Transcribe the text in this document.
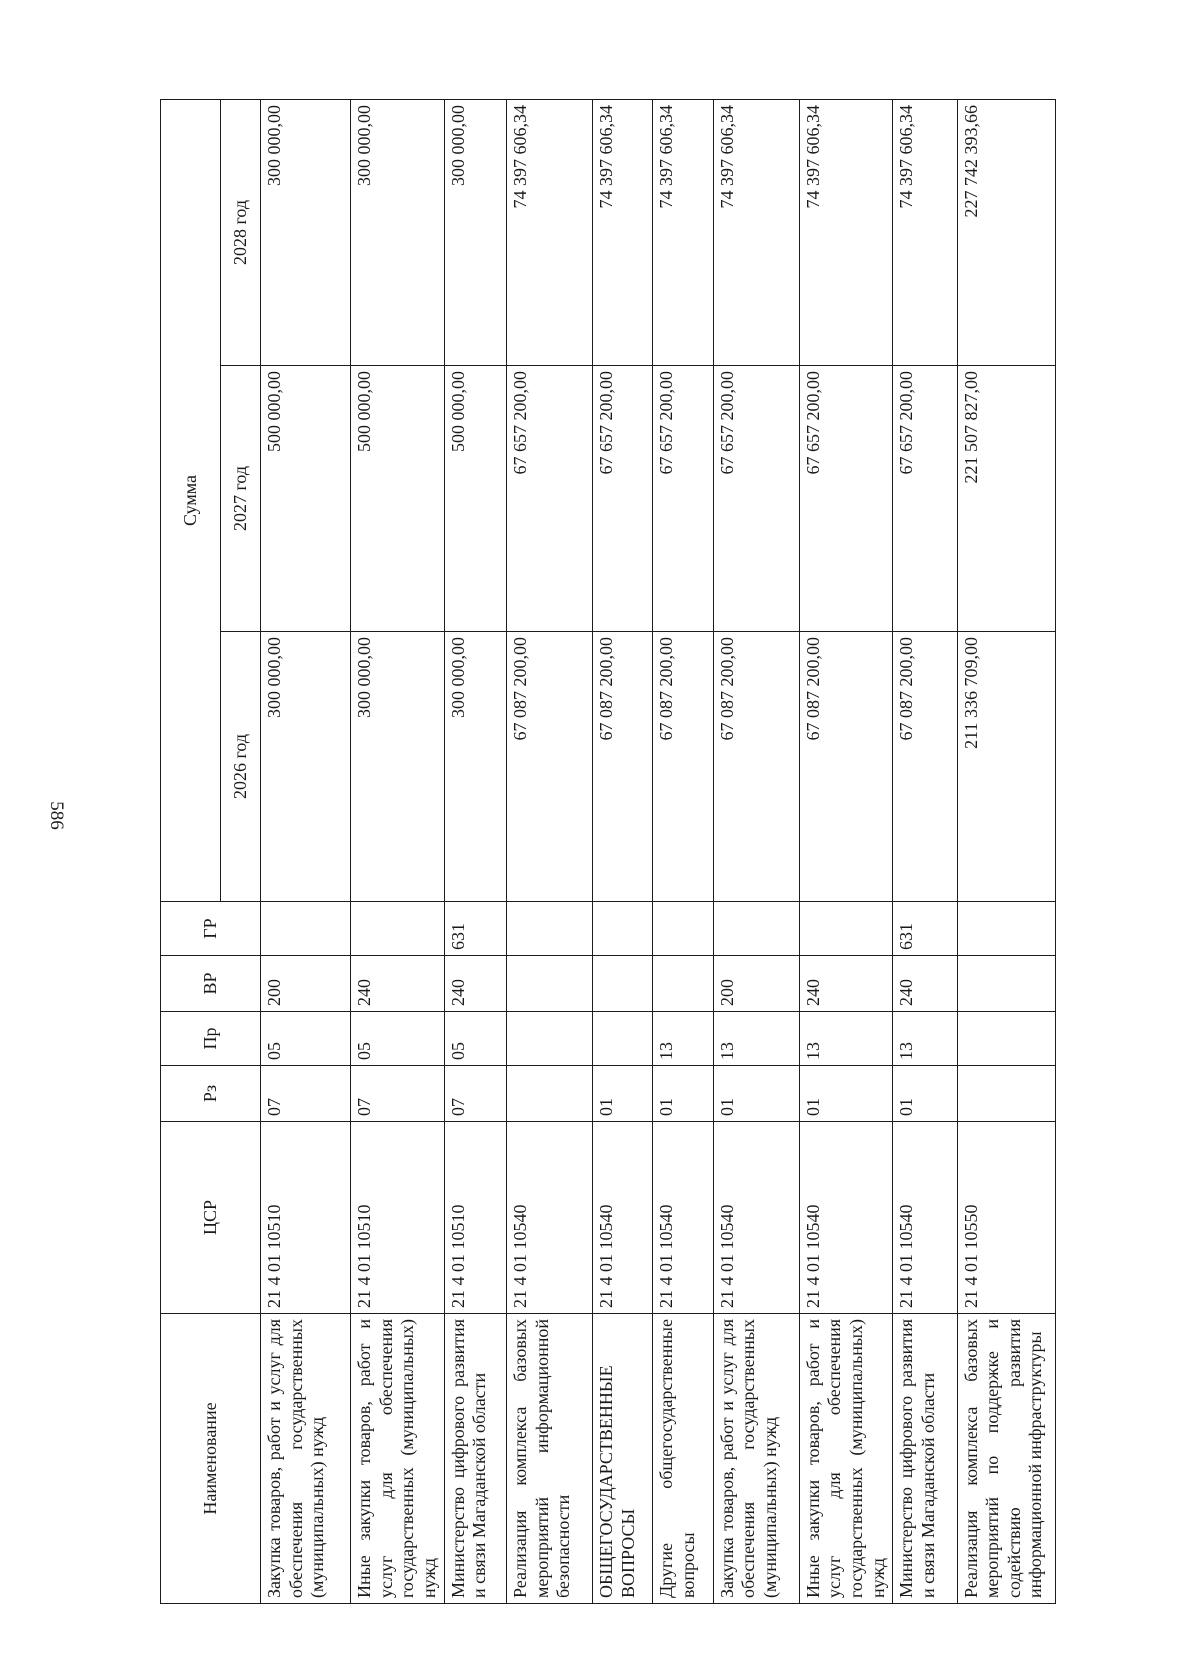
586
Наименование	ЦСР	Рз	Пр	ВР	ГР	Сумма		
						2026 год	2027 год	2028 год
Закупка товаров, работ и услуг для обеспечения государственных (муниципальных) нужд	21 4 01 10510	07	05	200		300 000,00	500 000,00	300 000,00
Иные закупки товаров, работ и услуг для обеспечения государственных (муниципальных) нужд	21 4 01 10510	07	05	240		300 000,00	500 000,00	300 000,00
Министерство цифрового развития и связи Магаданской области	21 4 01 10510	07	05	240	631	300 000,00	500 000,00	300 000,00
Реализация комплекса базовых мероприятий информационной безопасности	21 4 01 10540					67 087 200,00	67 657 200,00	74 397 606,34
ОБЩЕГОСУДАРСТВЕННЫЕ ВОПРОСЫ	21 4 01 10540	01				67 087 200,00	67 657 200,00	74 397 606,34
Другие общегосударственные вопросы	21 4 01 10540	01	13			67 087 200,00	67 657 200,00	74 397 606,34
Закупка товаров, работ и услуг для обеспечения государственных (муниципальных) нужд	21 4 01 10540	01	13	200		67 087 200,00	67 657 200,00	74 397 606,34
Иные закупки товаров, работ и услуг для обеспечения государственных (муниципальных) нужд	21 4 01 10540	01	13	240		67 087 200,00	67 657 200,00	74 397 606,34
Министерство цифрового развития и связи Магаданской области	21 4 01 10540	01	13	240	631	67 087 200,00	67 657 200,00	74 397 606,34
Реализация комплекса базовых мероприятий по поддержке и содействию развития информационной инфраструктуры	21 4 01 10550					211 336 709,00	221 507 827,00	227 742 393,66
